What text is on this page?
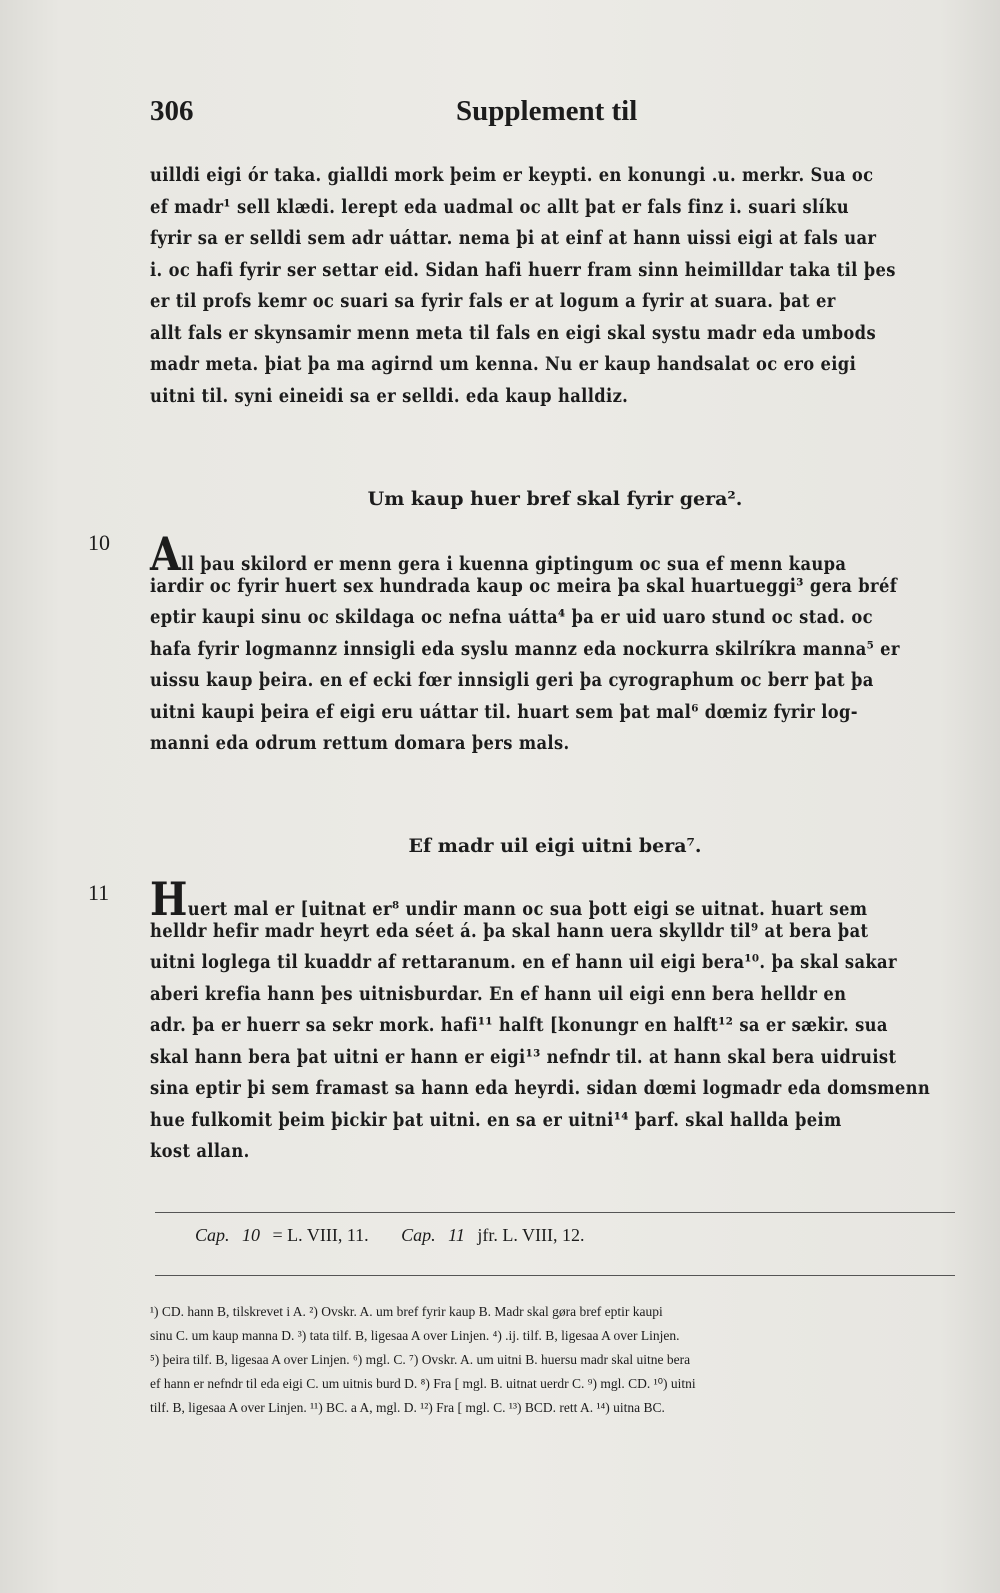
306	Supplement til
uilldi eigi ór taka. gialldi mork þeim er keypti. en konungi .u. merkr. Sua oc
ef madr¹ sell klædi. lerept eda uadmal oc allt þat er fals finz i. suari slíku
fyrir sa er selldi sem adr uáttar. nema þi at einf at hann uissi eigi at fals uar
i. oc hafi fyrir ser settar eid. Sidan hafi huerr fram sinn heimilldar taka til þes
er til profs kemr oc suari sa fyrir fals er at logum a fyrir at suara. þat er
allt fals er skynsamir menn meta til fals en eigi skal systu madr eda umbods
madr meta. þiat þa ma agirnd um kenna. Nu er kaup handsalat oc ero eigi
uitni til. syni eineidi sa er selldi. eda kaup halldiz.
Um kaup huer bref skal fyrir gera².
10 All þau skilord er menn gera i kuenna giptingum oc sua ef menn kaupa
iardir oc fyrir huert sex hundrada kaup oc meira þa skal huartueggi³ gera bréf
eptir kaupi sinu oc skildaga oc nefna uátta⁴ þa er uid uaro stund oc stad. oc
hafa fyrir logmannz innsigli eda syslu mannz eda nockurra skilríkra manna⁵ er
uissu kaup þeira. en ef ecki fœr innsigli geri þa cyrographum oc berr þat þa
uitni kaupi þeira ef eigi eru uáttar til. huart sem þat mal⁶ dœmiz fyrir log-
manni eda odrum rettum domara þers mals.
Ef madr uil eigi uitni bera⁷.
11 Huert mal er [uitnat er⁸ undir mann oc sua þott eigi se uitnat. huart sem
helldr hefir madr heyrt eda séet á. þa skal hann uera skylldr til⁹ at bera þat
uitni loglega til kuaddr af rettaranum. en ef hann uil eigi bera¹⁰. þa skal sakar
aberi krefia hann þes uitnisburdar. En ef hann uil eigi enn bera helldr en
adr. þa er huerr sa sekr mork. hafi¹¹ halft [konungr en halft¹² sa er sækir. sua
skal hann bera þat uitni er hann er eigi¹³ nefndr til. at hann skal bera uidruist
sina eptir þi sem framast sa hann eda heyrdi. sidan dœmi logmadr eda domsmenn
hue fulkomit þeim þickir þat uitni. en sa er uitni¹⁴ þarf. skal hallda þeim
kost allan.
Cap. 10 = L. VIII, 11. Cap. 11 jfr. L. VIII, 12.
¹) CD. hann B, tilskrevet i A. ²) Ovskr. A. um bref fyrir kaup B. Madr skal gøra bref eptir kaupi
sinu C. um kaup manna D. ³) tata tilf. B, ligesaa A over Linjen. ⁴) .ij. tilf. B, ligesaa A over Linjen.
⁵) þeira tilf. B, ligesaa A over Linjen. ⁶) mgl. C. ⁷) Ovskr. A. um uitni B. huersu madr skal uitne bera
ef hann er nefndr til eda eigi C. um uitnis burd D. ⁸) Fra [ mgl. B. uitnat uerdr C. ⁹) mgl. CD. ¹⁰) uitni
tilf. B, ligesaa A over Linjen. ¹¹) BC. a A, mgl. D. ¹²) Fra [ mgl. C. ¹³) BCD. rett A. ¹⁴) uitna BC.
